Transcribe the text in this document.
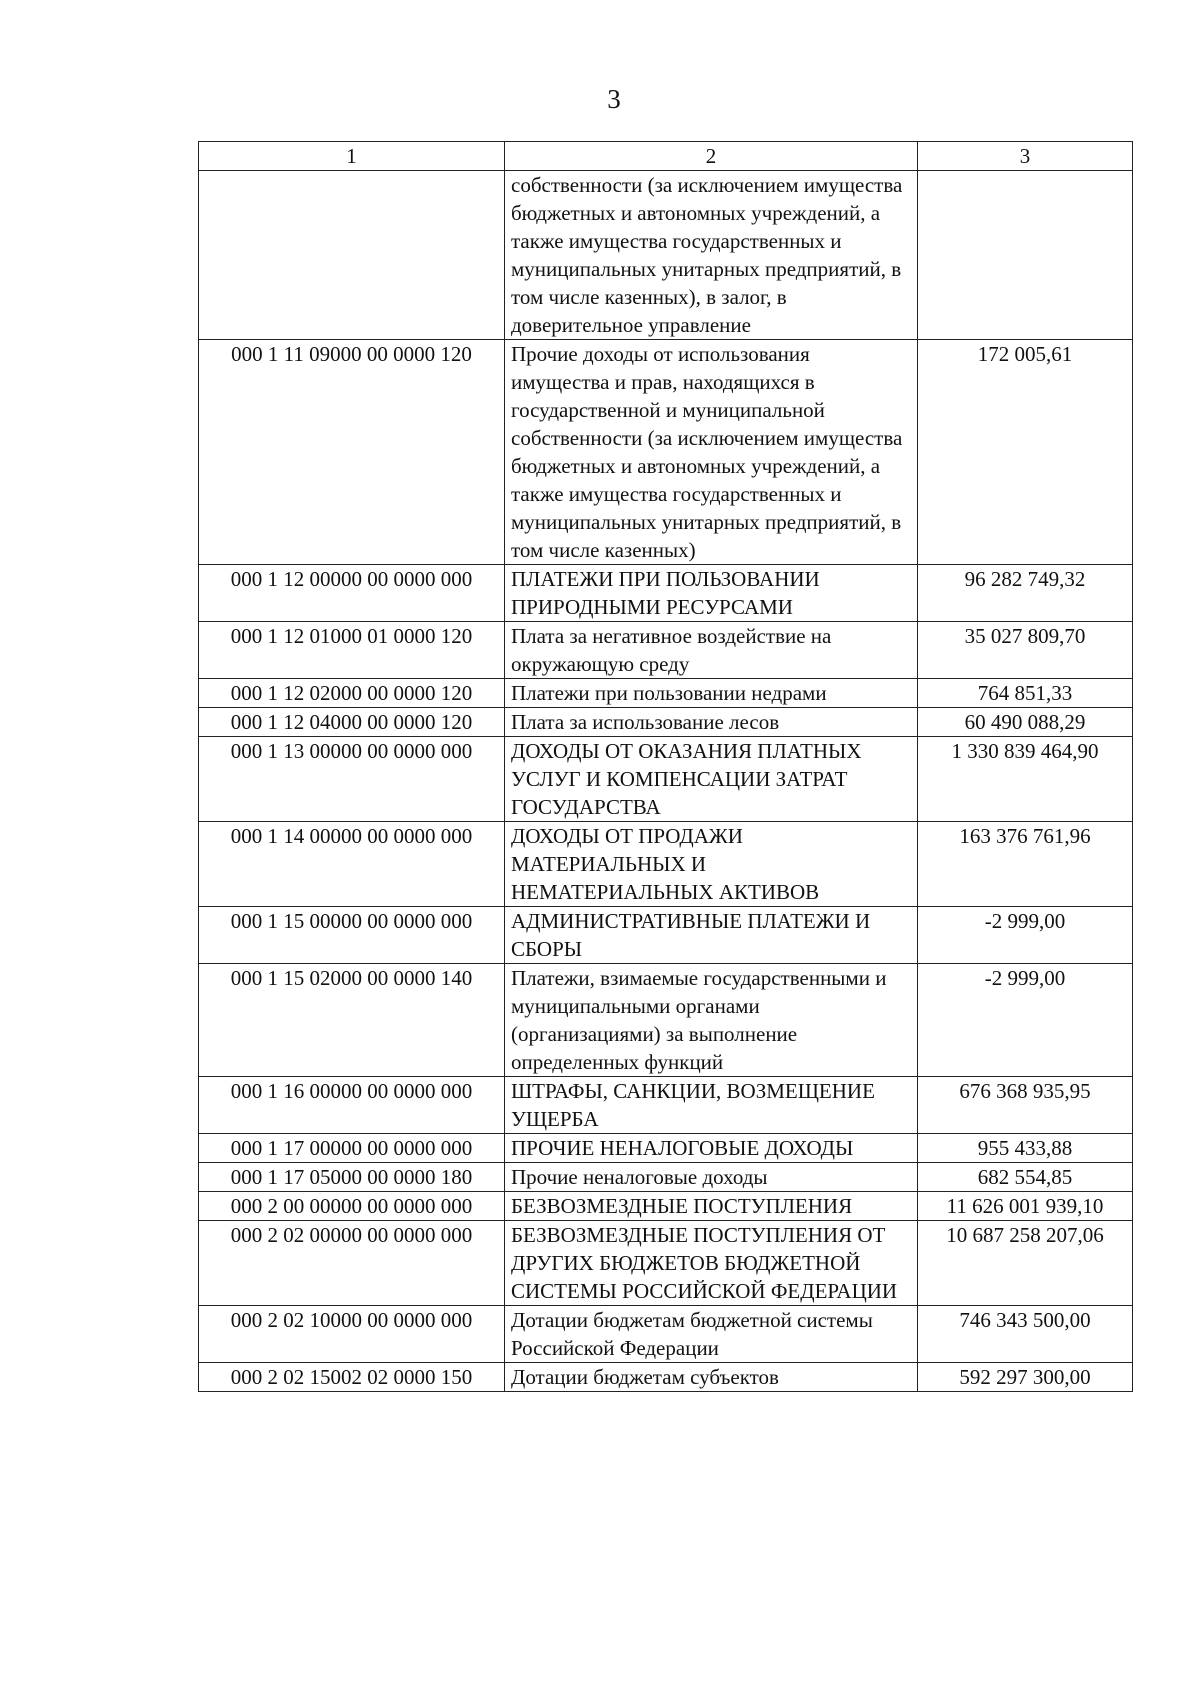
3
1	2	3
	собственности (за исключением имущества бюджетных и автономных учреждений, а также имущества государственных и муниципальных унитарных предприятий, в том числе казенных), в залог, в доверительное управление	
000 1 11 09000 00 0000 120	Прочие доходы от использования имущества и прав, находящихся в государственной и муниципальной собственности (за исключением имущества бюджетных и автономных учреждений, а также имущества государственных и муниципальных унитарных предприятий, в том числе казенных)	172 005,61
000 1 12 00000 00 0000 000	ПЛАТЕЖИ ПРИ ПОЛЬЗОВАНИИ ПРИРОДНЫМИ РЕСУРСАМИ	96 282 749,32
000 1 12 01000 01 0000 120	Плата за негативное воздействие на окружающую среду	35 027 809,70
000 1 12 02000 00 0000 120	Платежи при пользовании недрами	764 851,33
000 1 12 04000 00 0000 120	Плата за использование лесов	60 490 088,29
000 1 13 00000 00 0000 000	ДОХОДЫ ОТ ОКАЗАНИЯ ПЛАТНЫХ УСЛУГ И КОМПЕНСАЦИИ ЗАТРАТ ГОСУДАРСТВА	1 330 839 464,90
000 1 14 00000 00 0000 000	ДОХОДЫ ОТ ПРОДАЖИ МАТЕРИАЛЬНЫХ И НЕМАТЕРИАЛЬНЫХ АКТИВОВ	163 376 761,96
000 1 15 00000 00 0000 000	АДМИНИСТРАТИВНЫЕ ПЛАТЕЖИ И СБОРЫ	-2 999,00
000 1 15 02000 00 0000 140	Платежи, взимаемые государственными и муниципальными органами (организациями) за выполнение определенных функций	-2 999,00
000 1 16 00000 00 0000 000	ШТРАФЫ, САНКЦИИ, ВОЗМЕЩЕНИЕ УЩЕРБА	676 368 935,95
000 1 17 00000 00 0000 000	ПРОЧИЕ НЕНАЛОГОВЫЕ ДОХОДЫ	955 433,88
000 1 17 05000 00 0000 180	Прочие неналоговые доходы	682 554,85
000 2 00 00000 00 0000 000	БЕЗВОЗМЕЗДНЫЕ ПОСТУПЛЕНИЯ	11 626 001 939,10
000 2 02 00000 00 0000 000	БЕЗВОЗМЕЗДНЫЕ ПОСТУПЛЕНИЯ ОТ ДРУГИХ БЮДЖЕТОВ БЮДЖЕТНОЙ СИСТЕМЫ РОССИЙСКОЙ ФЕДЕРАЦИИ	10 687 258 207,06
000 2 02 10000 00 0000 000	Дотации бюджетам бюджетной системы Российской Федерации	746 343 500,00
000 2 02 15002 02 0000 150	Дотации бюджетам субъектов	592 297 300,00
